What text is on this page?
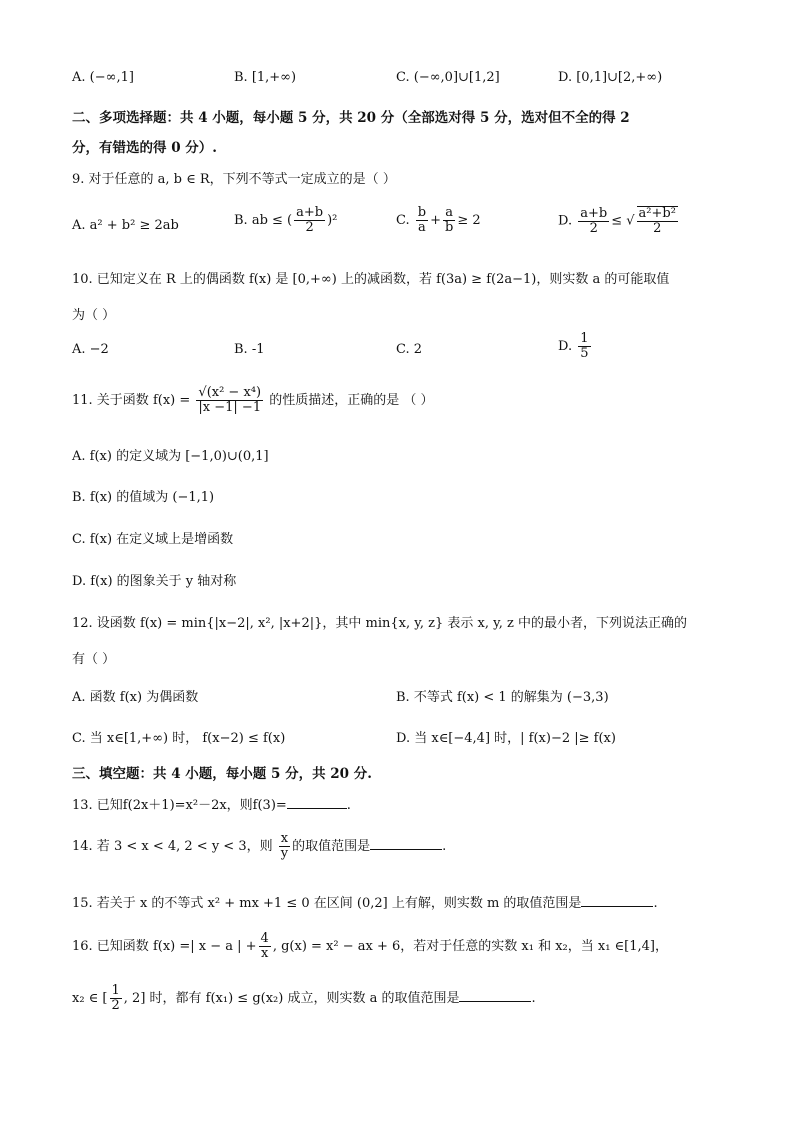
A. (−∞,1]	B. [1,+∞)	C. (−∞,0]∪[1,2]	D. [0,1]∪[2,+∞)
二、多项选择题：共 4 小题，每小题 5 分，共 20 分（全部选对得 5 分，选对但不全的得 2
分，有错选的得 0 分）.
9. 对于任意的 a, b ∈ R，下列不等式一定成立的是（ ）
A. a² + b² ≥ 2ab	B. ab ≤ ( $\frac{a+b}{2} )^2$	C. $\frac{b}{a} + \frac{a}{b} \ge 2$	D. $\frac{a+b}{2}$ ≤ √ $\frac{\text{a²+b²}}{2}$
10. 已知定义在 R 上的偶函数 f(x) 是 [0,+∞) 上的减函数，若 f(3a) ≥ f(2a−1)，则实数 a 的可能取值
为（ ）
A. −2	B. -1	C. 2	D. $\frac{1}{5}$
11. 关于函数 $f(x) = \frac{\text{√(x² − x⁴)}}{|x -1| -1}$ 的性质描述，正确的是 （ ）
A. f(x) 的定义域为 [−1,0)∪(0,1]
B. f(x) 的值域为 (−1,1)
C. f(x) 在定义域上是增函数
D. f(x) 的图象关于 y 轴对称
12. 设函数 f(x) = min{|x−2|, x², |x+2|}，其中 min{x, y, z} 表示 x, y, z 中的最小者，下列说法正确的
有（ ）
A. 函数 f(x) 为偶函数	B. 不等式 f(x) < 1 的解集为 (−3,3)
C. 当 x∈[1,+∞) 时， f(x−2) ≤ f(x)	D. 当 x∈[−4,4] 时，| f(x)−2 |≥ f(x)
三、填空题：共 4 小题，每小题 5 分，共 20 分.
13. 已知f(2x＋1)=x²－2x，则f(3)=	.
14. 若 3 < x < 4, 2 < y < 3，则 $\frac{x}{y}$ 的取值范围是	.
15. 若关于 x 的不等式 x² + mx +1 ≤ 0 在区间 (0,2] 上有解，则实数 m 的取值范围是	.
16. 已知函数 f(x) =| x − a | + $\frac{4}{x}$ , g(x) = x² − ax + 6，若对于任意的实数 x₁ 和 x₂，当 x₁ ∈[1,4]，
x₂ ∈ [ $\frac{1}{2}$ , 2] 时，都有 f(x₁) ≤ g(x₂) 成立，则实数 a 的取值范围是	.
